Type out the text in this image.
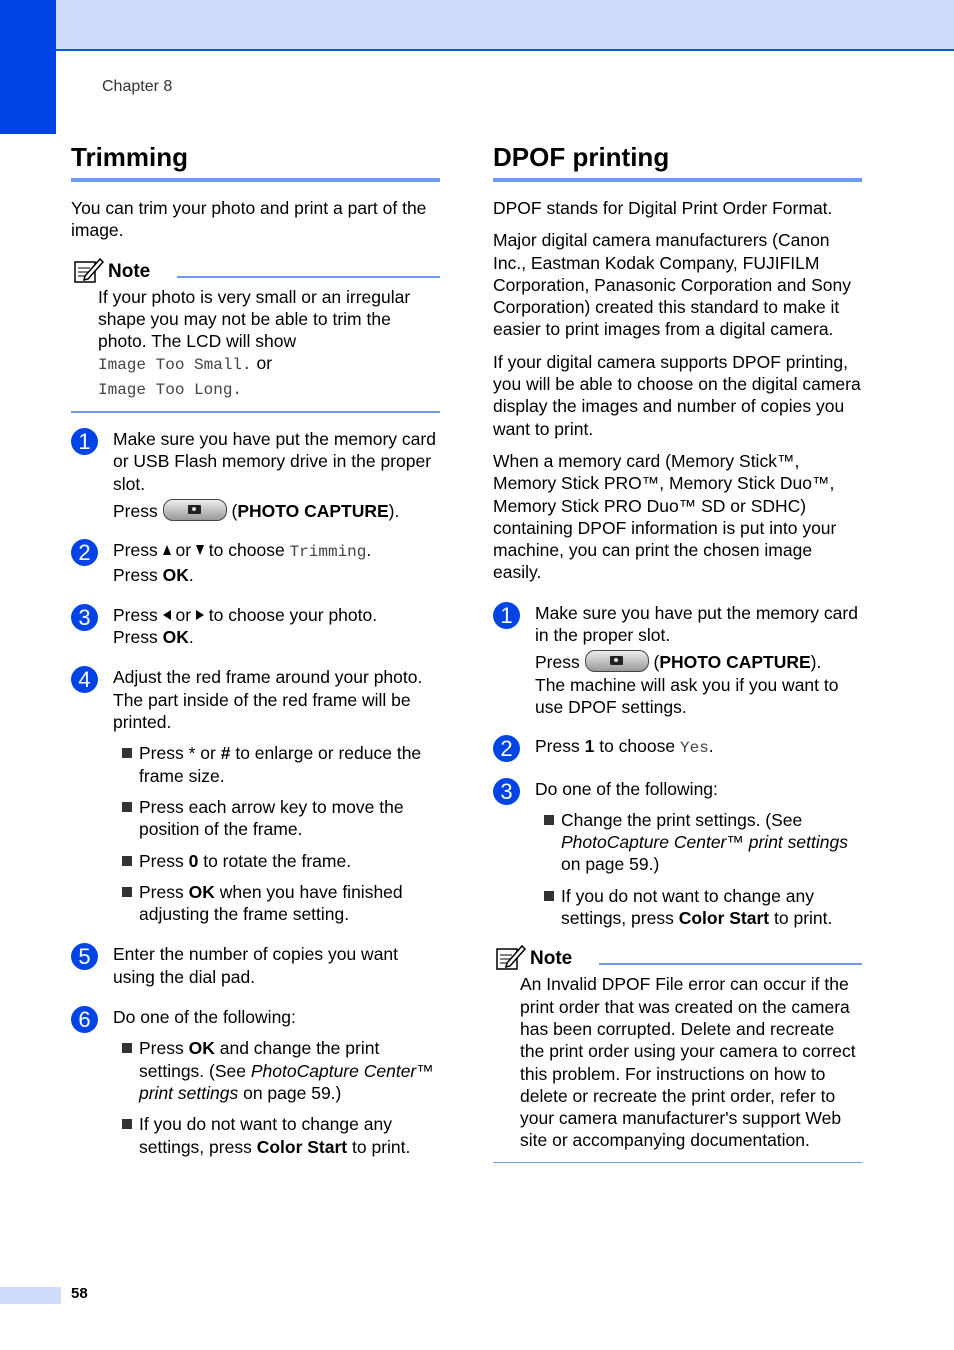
Chapter 8
Trimming

You can trim your photo and print a part of the image.

Note

If your photo is very small or an irregular shape you may not be able to trim the photo. The LCD will show
Image Too Small. or
Image Too Long.

1	Make sure you have put the memory card or USB Flash memory drive in the proper slot.

Press	(PHOTO CAPTURE).

2	Press or to choose Trimming.
Press OK.

3	Press or to choose your photo.
Press OK.

4	Adjust the red frame around your photo. The part inside of the red frame will be printed.

Press * or # to enlarge or reduce the frame size.

Press each arrow key to move the position of the frame.

Press 0 to rotate the frame.

Press OK when you have finished adjusting the frame setting.

5	Enter the number of copies you want using the dial pad.

6	Do one of the following:

Press OK and change the print settings. (See PhotoCapture Center™ print settings on page 59.)

If you do not want to change any settings, press Color Start to print.

DPOF printing

DPOF stands for Digital Print Order Format.

Major digital camera manufacturers (Canon Inc., Eastman Kodak Company, FUJIFILM Corporation, Panasonic Corporation and Sony Corporation) created this standard to make it easier to print images from a digital camera.

If your digital camera supports DPOF printing, you will be able to choose on the digital camera display the images and number of copies you want to print.

When a memory card (Memory Stick™, Memory Stick PRO™, Memory Stick Duo™, Memory Stick PRO Duo™ SD or SDHC) containing DPOF information is put into your machine, you can print the chosen image easily.

1	Make sure you have put the memory card in the proper slot.

Press	(PHOTO CAPTURE).
The machine will ask you if you want to use DPOF settings.

2	Press 1 to choose Yes.

3	Do one of the following:

Change the print settings. (See PhotoCapture Center™ print settings on page 59.)

If you do not want to change any settings, press Color Start to print.

Note

An Invalid DPOF File error can occur if the print order that was created on the camera has been corrupted. Delete and recreate the print order using your camera to correct this problem. For instructions on how to delete or recreate the print order, refer to your camera manufacturer's support Web site or accompanying documentation.

58
